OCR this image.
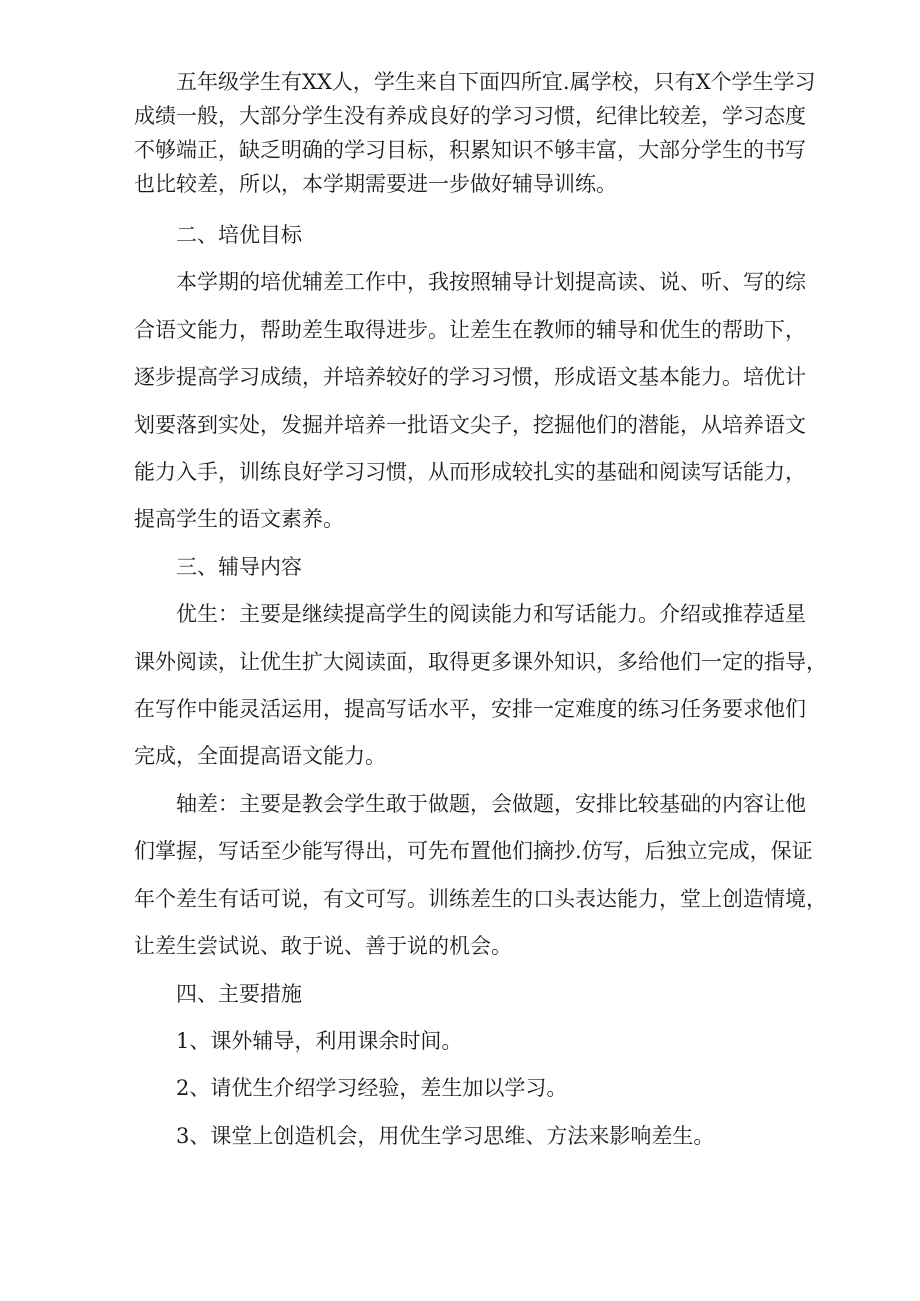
五年级学生有XX人，学生来自下面四所宜.属学校，只有X个学生学习
成绩一般，大部分学生没有养成良好的学习习惯，纪律比较差，学习态度
不够端正，缺乏明确的学习目标，积累知识不够丰富，大部分学生的书写
也比较差，所以，本学期需要进一步做好辅导训练。
二、培优目标
本学期的培优辅差工作中，我按照辅导计划提高读、说、听、写的综
合语文能力，帮助差生取得进步。让差生在教师的辅导和优生的帮助下，
逐步提高学习成绩，并培养较好的学习习惯，形成语文基本能力。培优计
划要落到实处，发掘并培养一批语文尖子，挖掘他们的潜能，从培养语文
能力入手，训练良好学习习惯，从而形成较扎实的基础和阅读写话能力，
提高学生的语文素养。
三、辅导内容
优生：主要是继续提高学生的阅读能力和写话能力。介绍或推荐适星
课外阅读，让优生扩大阅读面，取得更多课外知识，多给他们一定的指导，
在写作中能灵活运用，提高写话水平，安排一定难度的练习任务要求他们
完成，全面提高语文能力。
轴差：主要是教会学生敢于做题，会做题，安排比较基础的内容让他
们掌握，写话至少能写得出，可先布置他们摘抄.仿写，后独立完成，保证
年个差生有话可说，有文可写。训练差生的口头表达能力，堂上创造情境，
让差生尝试说、敢于说、善于说的机会。
四、主要措施
1、课外辅导，利用课余时间。
2、请优生介绍学习经验，差生加以学习。
3、课堂上创造机会，用优生学习思维、方法来影响差生。
